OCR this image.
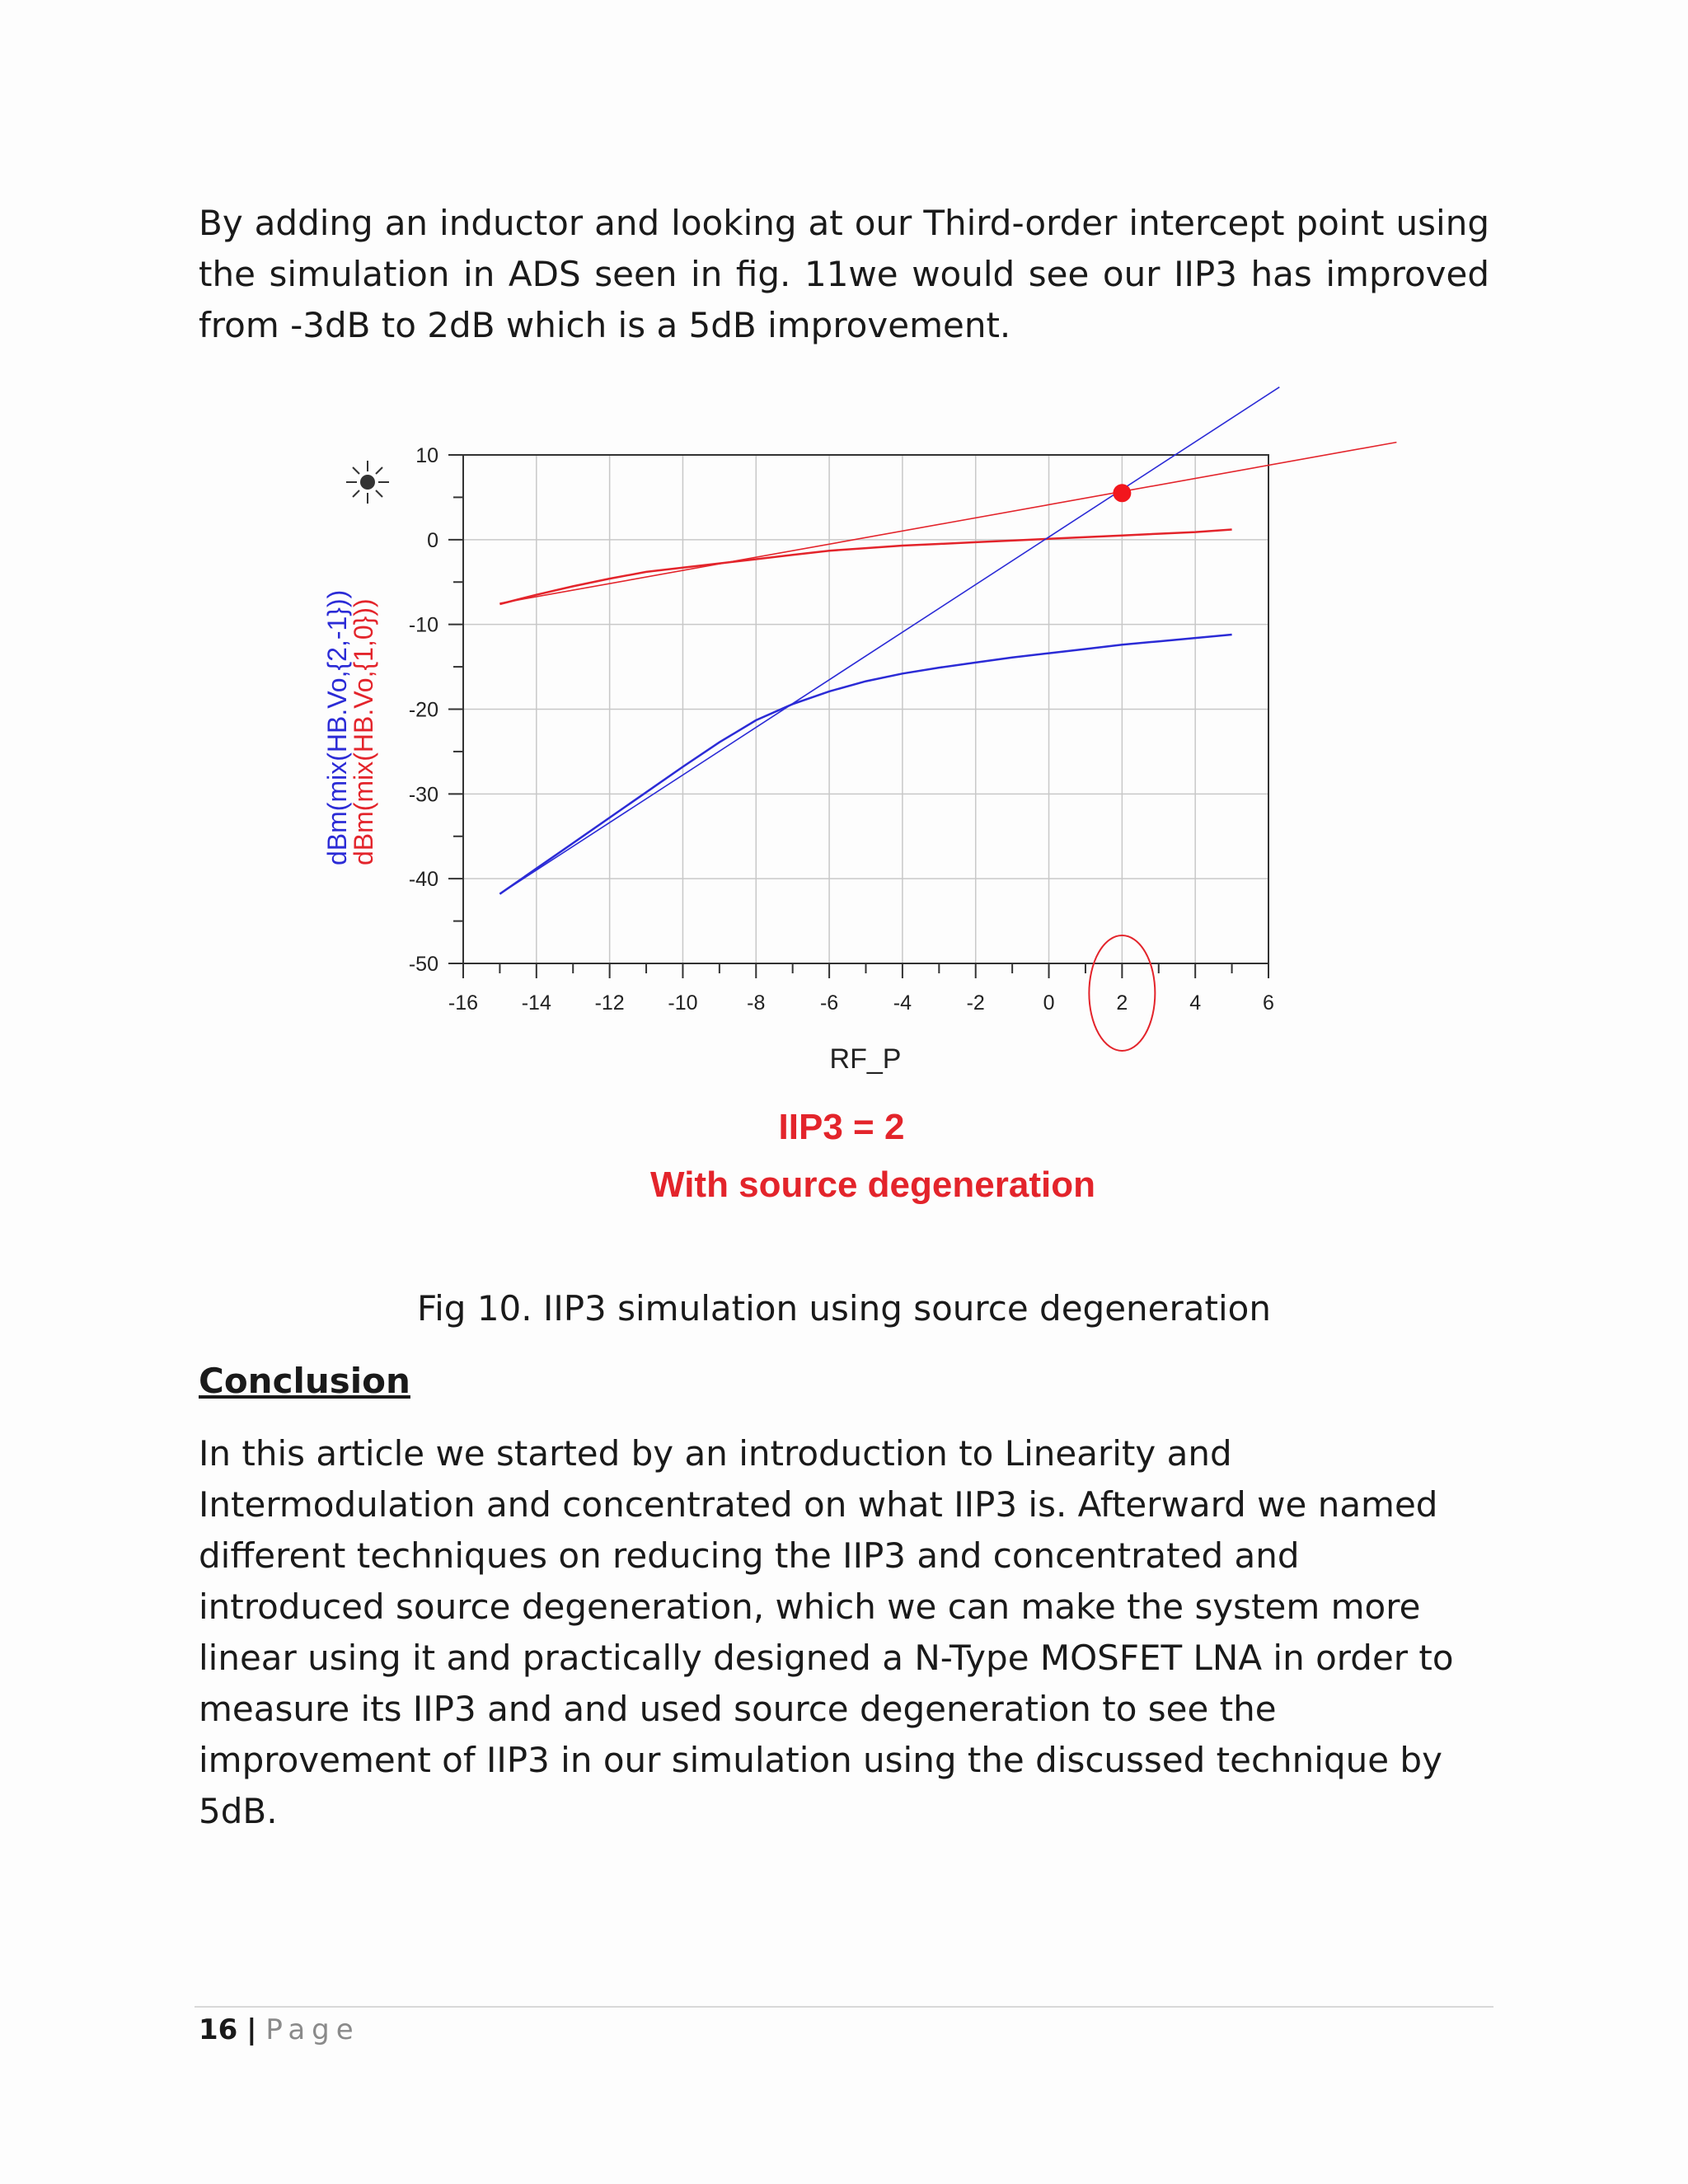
By adding an inductor and looking at our Third-order intercept point using the simulation in ADS seen in fig. 11we would see our IIP3 has improved from -3dB to 2dB which is a 5dB improvement.

-16 -14 -12 -10 -8	-6	-4	-2	0	2	4	6
10
0
-10
-20
-30
-40
-50
dBm(mix(HB.Vo,{2,-1}))
dBm(mix(HB.Vo,{1,0}))
RF_P
IIP3 = 2
With source degeneration

Fig 10. IIP3 simulation using source degeneration

Conclusion

In this article we started by an introduction to Linearity and Intermodulation and concentrated on what IIP3 is. Afterward we named different techniques on reducing the IIP3 and concentrated and introduced source degeneration, which we can make the system more linear using it and practically designed a N-Type MOSFET LNA in order to measure its IIP3 and and used source degeneration to see the improvement of IIP3 in our simulation using the discussed technique by 5dB.

16 | Page
